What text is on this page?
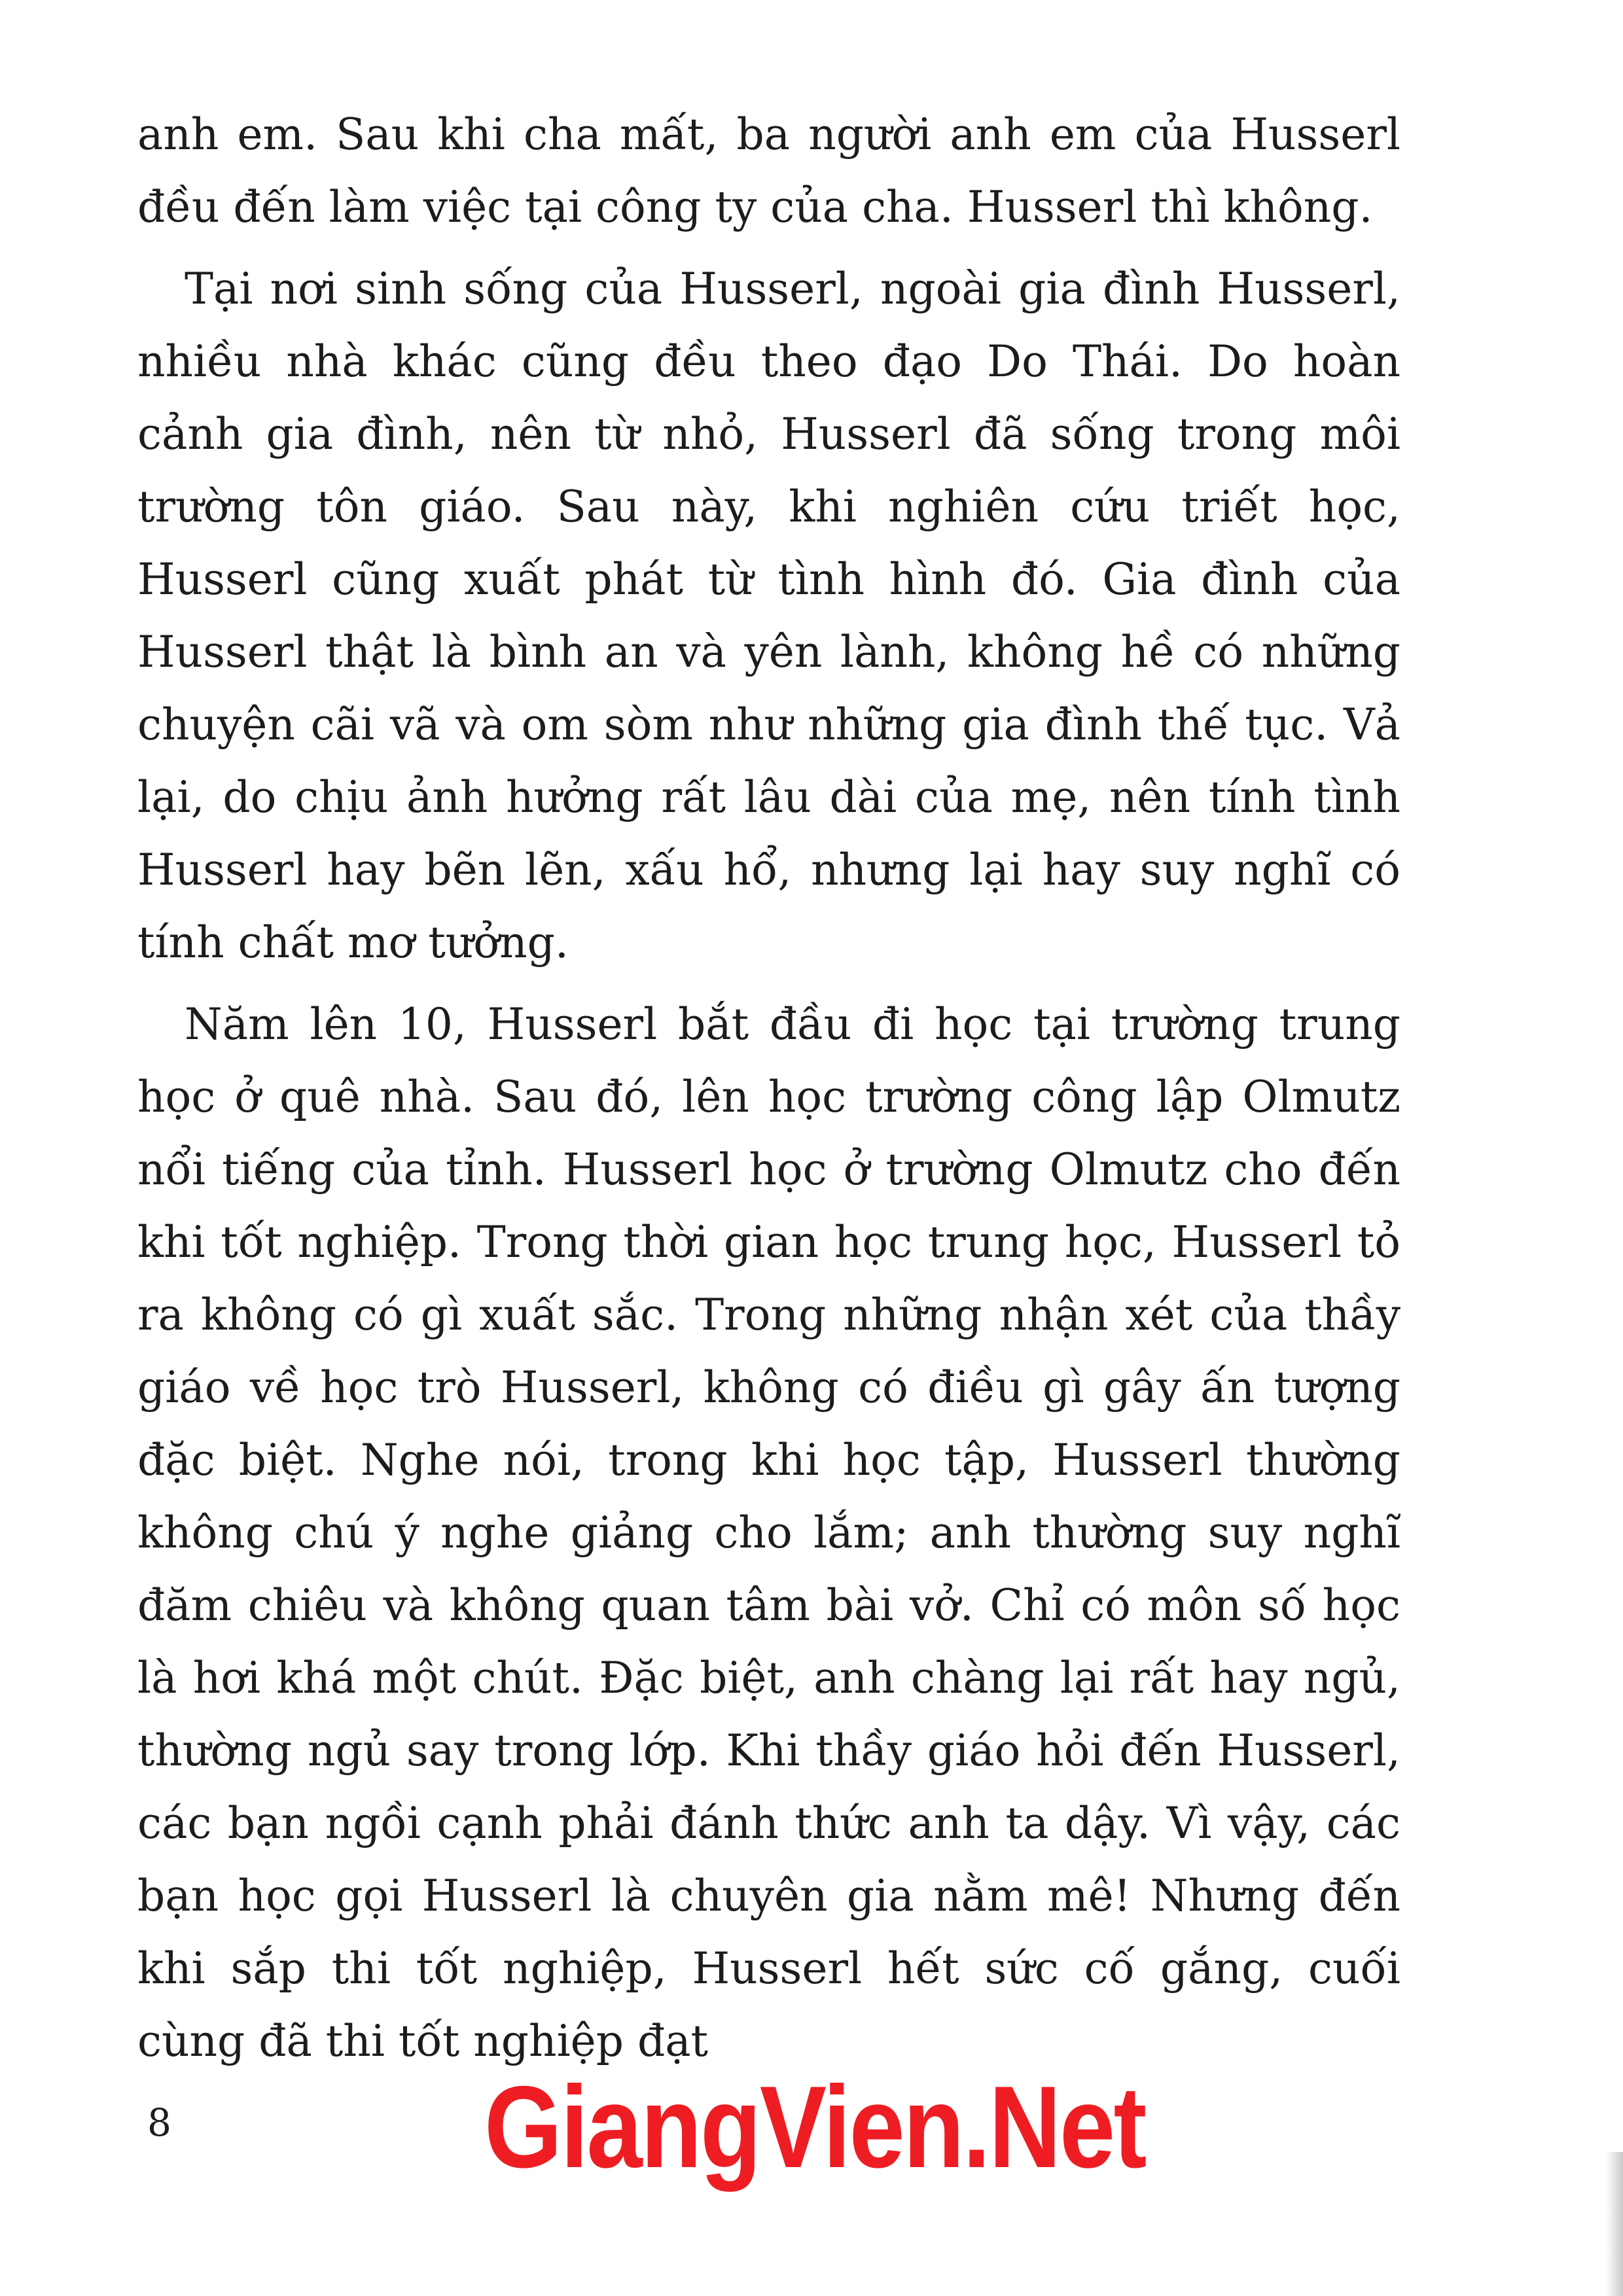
anh em. Sau khi cha mất, ba người anh em của Husserl đều đến làm việc tại công ty của cha. Husserl thì không.

Tại nơi sinh sống của Husserl, ngoài gia đình Husserl, nhiều nhà khác cũng đều theo đạo Do Thái. Do hoàn cảnh gia đình, nên từ nhỏ, Husserl đã sống trong môi trường tôn giáo. Sau này, khi nghiên cứu triết học, Husserl cũng xuất phát từ tình hình đó. Gia đình của Husserl thật là bình an và yên lành, không hề có những chuyện cãi vã và om sòm như những gia đình thế tục. Vả lại, do chịu ảnh hưởng rất lâu dài của mẹ, nên tính tình Husserl hay bẽn lẽn, xấu hổ, nhưng lại hay suy nghĩ có tính chất mơ tưởng.

Năm lên 10, Husserl bắt đầu đi học tại trường trung học ở quê nhà. Sau đó, lên học trường công lập Olmutz nổi tiếng của tỉnh. Husserl học ở trường Olmutz cho đến khi tốt nghiệp. Trong thời gian học trung học, Husserl tỏ ra không có gì xuất sắc. Trong những nhận xét của thầy giáo về học trò Husserl, không có điều gì gây ấn tượng đặc biệt. Nghe nói, trong khi học tập, Husserl thường không chú ý nghe giảng cho lắm; anh thường suy nghĩ đăm chiêu và không quan tâm bài vở. Chỉ có môn số học là hơi khá một chút. Đặc biệt, anh chàng lại rất hay ngủ, thường ngủ say trong lớp. Khi thầy giáo hỏi đến Husserl, các bạn ngồi cạnh phải đánh thức anh ta dậy. Vì vậy, các bạn học gọi Husserl là chuyên gia nằm mê! Nhưng đến khi sắp thi tốt nghiệp, Husserl hết sức cố gắng, cuối cùng đã thi tốt nghiệp đạt

8	GiangVien.Net
